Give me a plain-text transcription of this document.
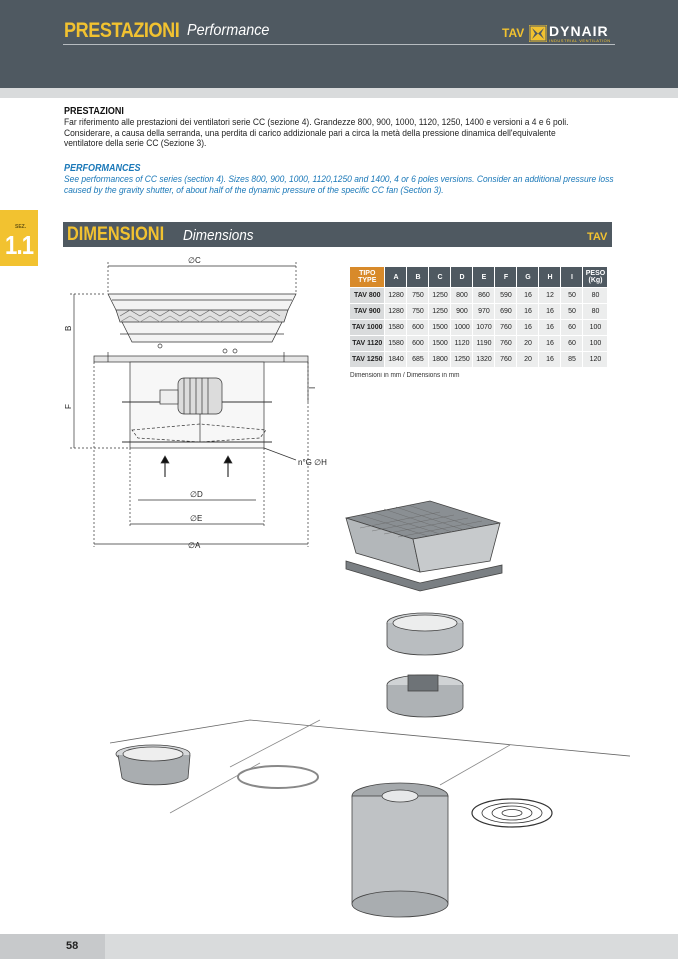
PRESTAZIONI Performance	TAV DYNAIR
INDUSTRIAL VENTILATION
PRESTAZIONI
Far riferimento alle prestazioni dei ventilatori serie CC (sezione 4). Grandezze 800, 900, 1000, 1120, 1250, 1400 e versioni a 4 e 6 poli. Considerare, a causa della serranda, una perdita di carico addizionale pari a circa la metà della pressione dinamica dell'equivalente ventilatore della serie CC (Sezione 3).
PERFORMANCES
See performances of CC series (section 4). Sizes 800, 900, 1000, 1120,1250 and 1400, 4 or 6 poles versions. Consider an additional pressure loss caused by the gravity shutter, of about half of the dynamic pressure of the specific CC fan (Section 3).
SEZ.
1.1 DIMENSIONI Dimensions	TAV
∅C
B
F
I
n°G ∅H
∅D
∅E
∅A
TIPO
TYPE	A	B	C	D	E	F	G	H	I	PESO
(Kg)
TAV 800	1280	750	1250	800	860	590	16	12	50	80
TAV 900	1280	750	1250	900	970	690	16	16	50	80
TAV 1000	1580	600	1500	1000	1070	760	16	16	60	100
TAV 1120	1580	600	1500	1120	1190	760	20	16	60	100
TAV 1250	1840	685	1800	1250	1320	760	20	16	85	120
Dimensioni in mm / Dimensions in mm
58
